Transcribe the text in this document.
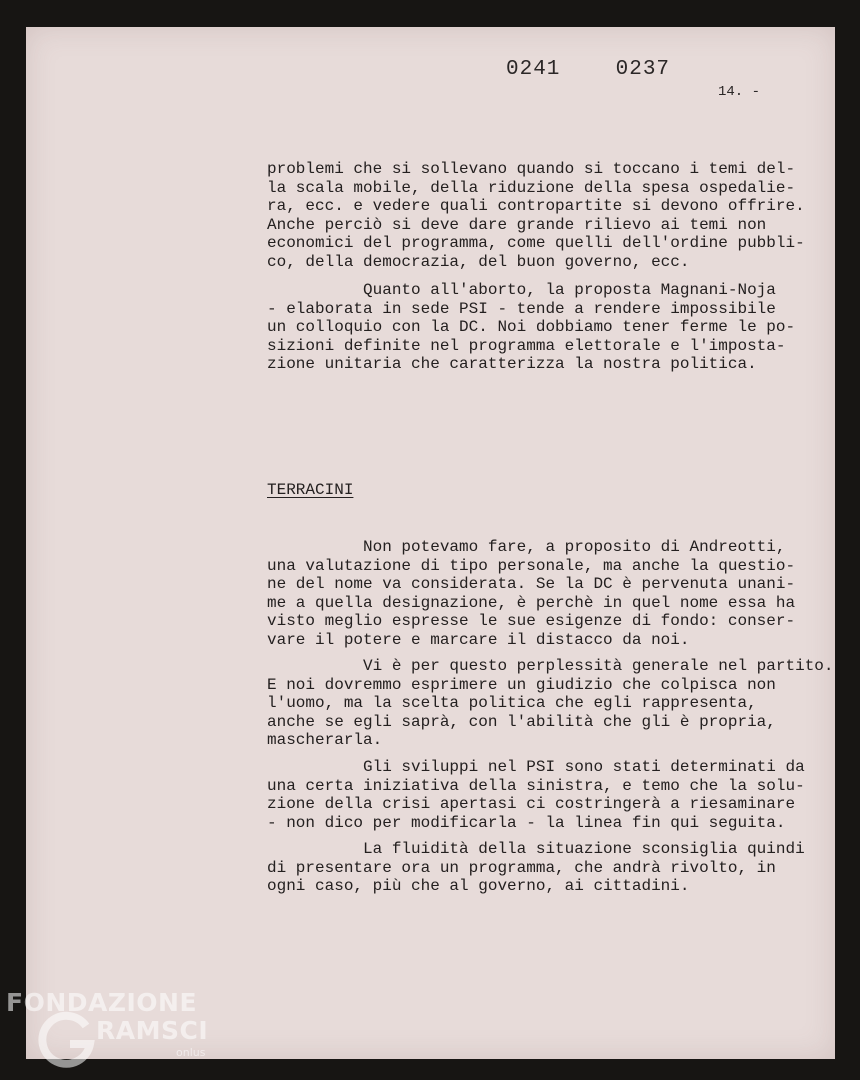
0241  0237
14. -

problemi che si sollevano quando si toccano i temi del-
la scala mobile, della riduzione della spesa ospedalie-
ra, ecc. e vedere quali contropartite si devono offrire.
Anche perciò si deve dare grande rilievo ai temi non
economici del programma, come quelli dell'ordine pubbli-
co, della democrazia, del buon governo, ecc.

Quanto all'aborto, la proposta Magnani-Noja
- elaborata in sede PSI - tende a rendere impossibile
un colloquio con la DC. Noi dobbiamo tener ferme le po-
sizioni definite nel programma elettorale e l'imposta-
zione unitaria che caratterizza la nostra politica.

TERRACINI

Non potevamo fare, a proposito di Andreotti,
una valutazione di tipo personale, ma anche la questio-
ne del nome va considerata. Se la DC è pervenuta unani-
me a quella designazione, è perchè in quel nome essa ha
visto meglio espresse le sue esigenze di fondo: conser-
vare il potere e marcare il distacco da noi.

Vi è per questo perplessità generale nel partito.
E noi dovremmo esprimere un giudizio che colpisca non
l'uomo, ma la scelta politica che egli rappresenta,
anche se egli saprà, con l'abilità che gli è propria,
mascherarla.

Gli sviluppi nel PSI sono stati determinati da
una certa iniziativa della sinistra, e temo che la solu-
zione della crisi apertasi ci costringerà a riesaminare
- non dico per modificarla - la linea fin qui seguita.

La fluidità della situazione sconsiglia quindi
di presentare ora un programma, che andrà rivolto, in
ogni caso, più che al governo, ai cittadini.

FONDAZIONE
RAMSCI
onlus
